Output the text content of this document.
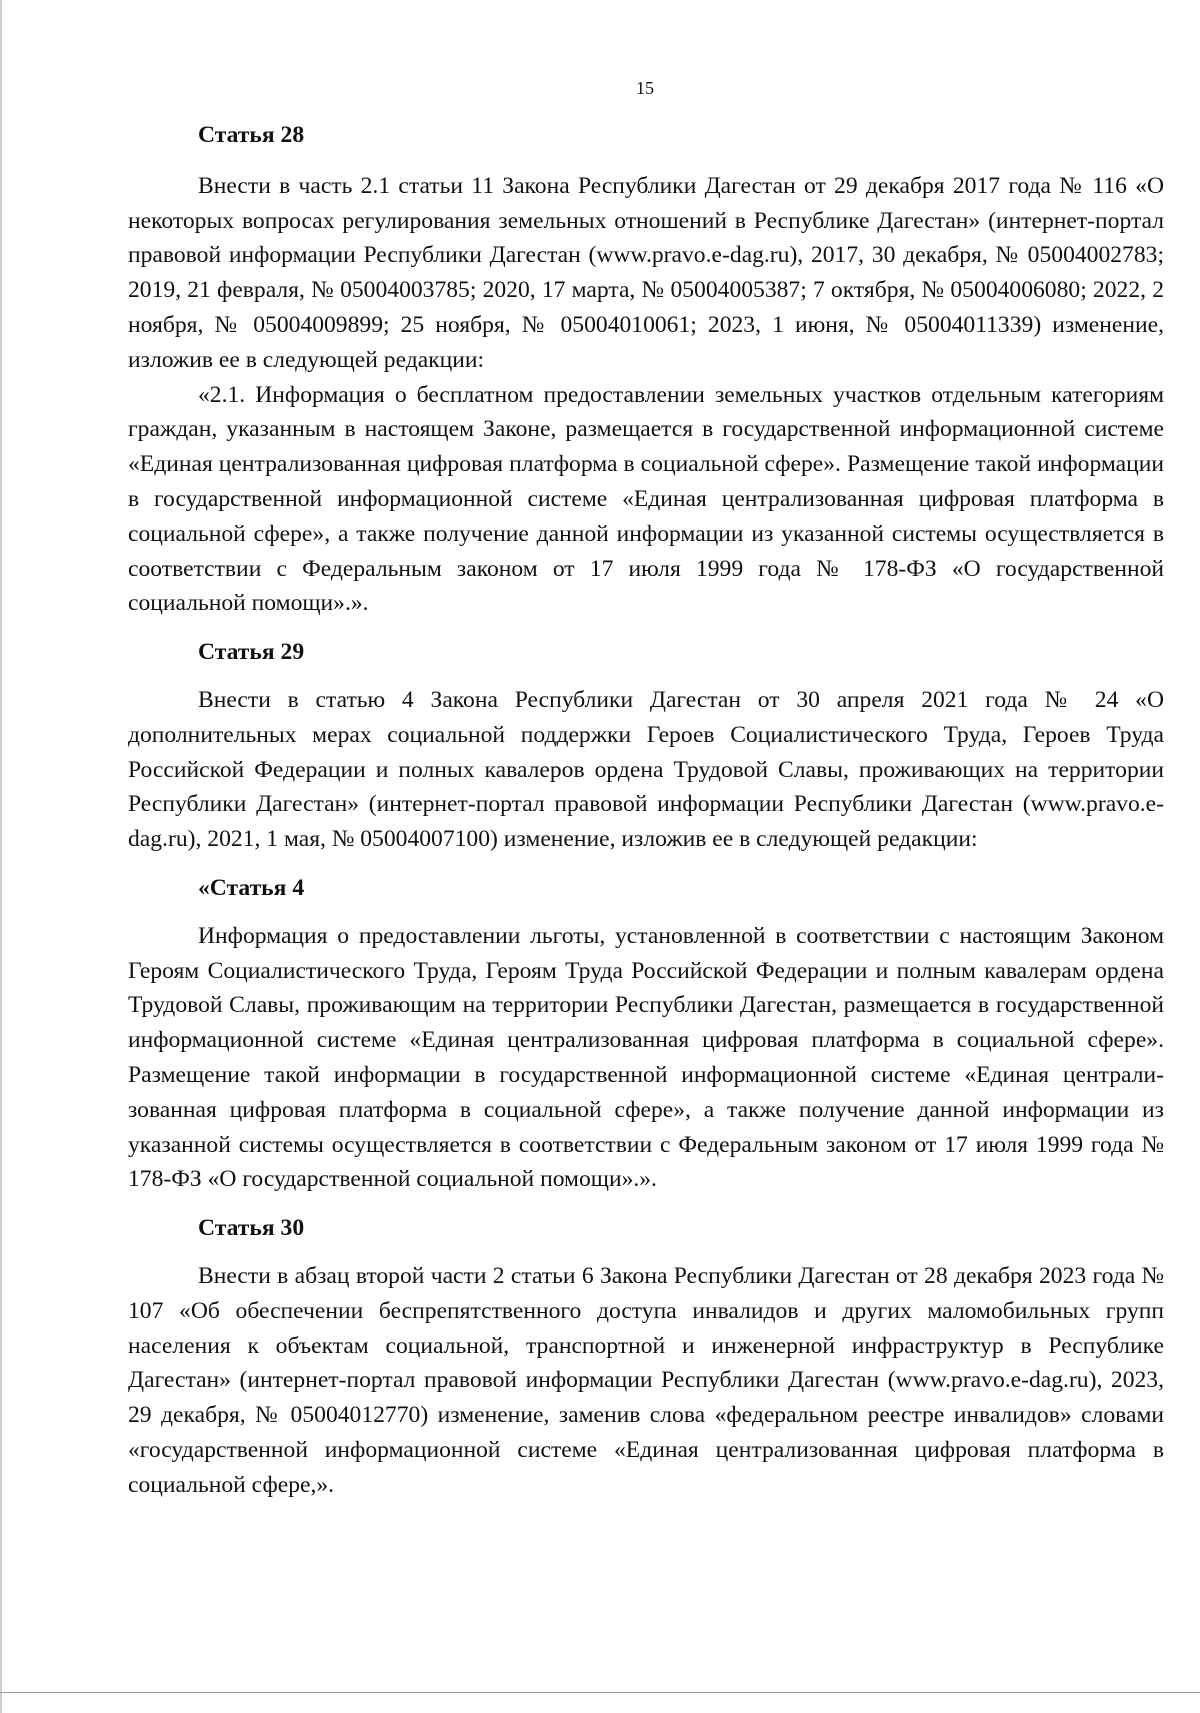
15

Статья 28

Внести в часть 2.1 статьи 11 Закона Республики Дагестан от 29 декабря 2017 года № 116 «О некоторых вопросах регулирования земельных отношений в Республике Дагестан» (интернет-портал правовой информации Республики Дагестан (www.pravo.e-dag.ru), 2017, 30 декабря, № 05004002783; 2019, 21 февраля, № 05004003785; 2020, 17 марта, № 05004005387; 7 октября, № 05004006080; 2022, 2 ноября, № 05004009899; 25 ноября, № 05004010061; 2023, 1 июня, № 05004011339) изменение, изложив ее в следующей редакции:

«2.1. Информация о бесплатном предоставлении земельных участков отдельным категориям граждан, указанным в настоящем Законе, размещается в государственной информационной системе «Единая централизованная цифровая платформа в социальной сфере». Размещение такой информации в государственной информационной системе «Единая централизованная цифровая платформа в социальной сфере», а также получение данной информации из указанной системы осуществляется в соответствии с Федеральным законом от 17 июля 1999 года № 178-ФЗ «О государственной социальной помощи».».

Статья 29

Внести в статью 4 Закона Республики Дагестан от 30 апреля 2021 года № 24 «О дополнительных мерах социальной поддержки Героев Социалистического Труда, Героев Труда Российской Федерации и полных кавалеров ордена Трудовой Славы, проживающих на территории Республики Дагестан» (интернет-портал правовой информации Республики Дагестан (www.pravo.e-dag.ru), 2021, 1 мая, № 05004007100) изменение, изложив ее в следующей редакции:

«Статья 4

Информация о предоставлении льготы, установленной в соответствии с настоящим Законом Героям Социалистического Труда, Героям Труда Российской Федерации и полным кавалерам ордена Трудовой Славы, проживающим на территории Республики Дагестан, размещается в государственной информационной системе «Единая централизованная цифровая платформа в социальной сфере». Размещение такой информации в государственной информационной системе «Единая централизованная цифровая платформа в социальной сфере», а также получение данной информации из указанной системы осуществляется в соответствии с Федеральным законом от 17 июля 1999 года № 178-ФЗ «О государственной социальной помощи».».

Статья 30

Внести в абзац второй части 2 статьи 6 Закона Республики Дагестан от 28 декабря 2023 года № 107 «Об обеспечении беспрепятственного доступа инвалидов и других маломобильных групп населения к объектам социальной, транспортной и инженерной инфраструктур в Республике Дагестан» (интернет-портал правовой информации Республики Дагестан (www.pravo.e-dag.ru), 2023, 29 декабря, № 05004012770) изменение, заменив слова «федеральном реестре инвалидов» словами «государственной информационной системе «Единая централизованная цифровая платформа в социальной сфере,».
